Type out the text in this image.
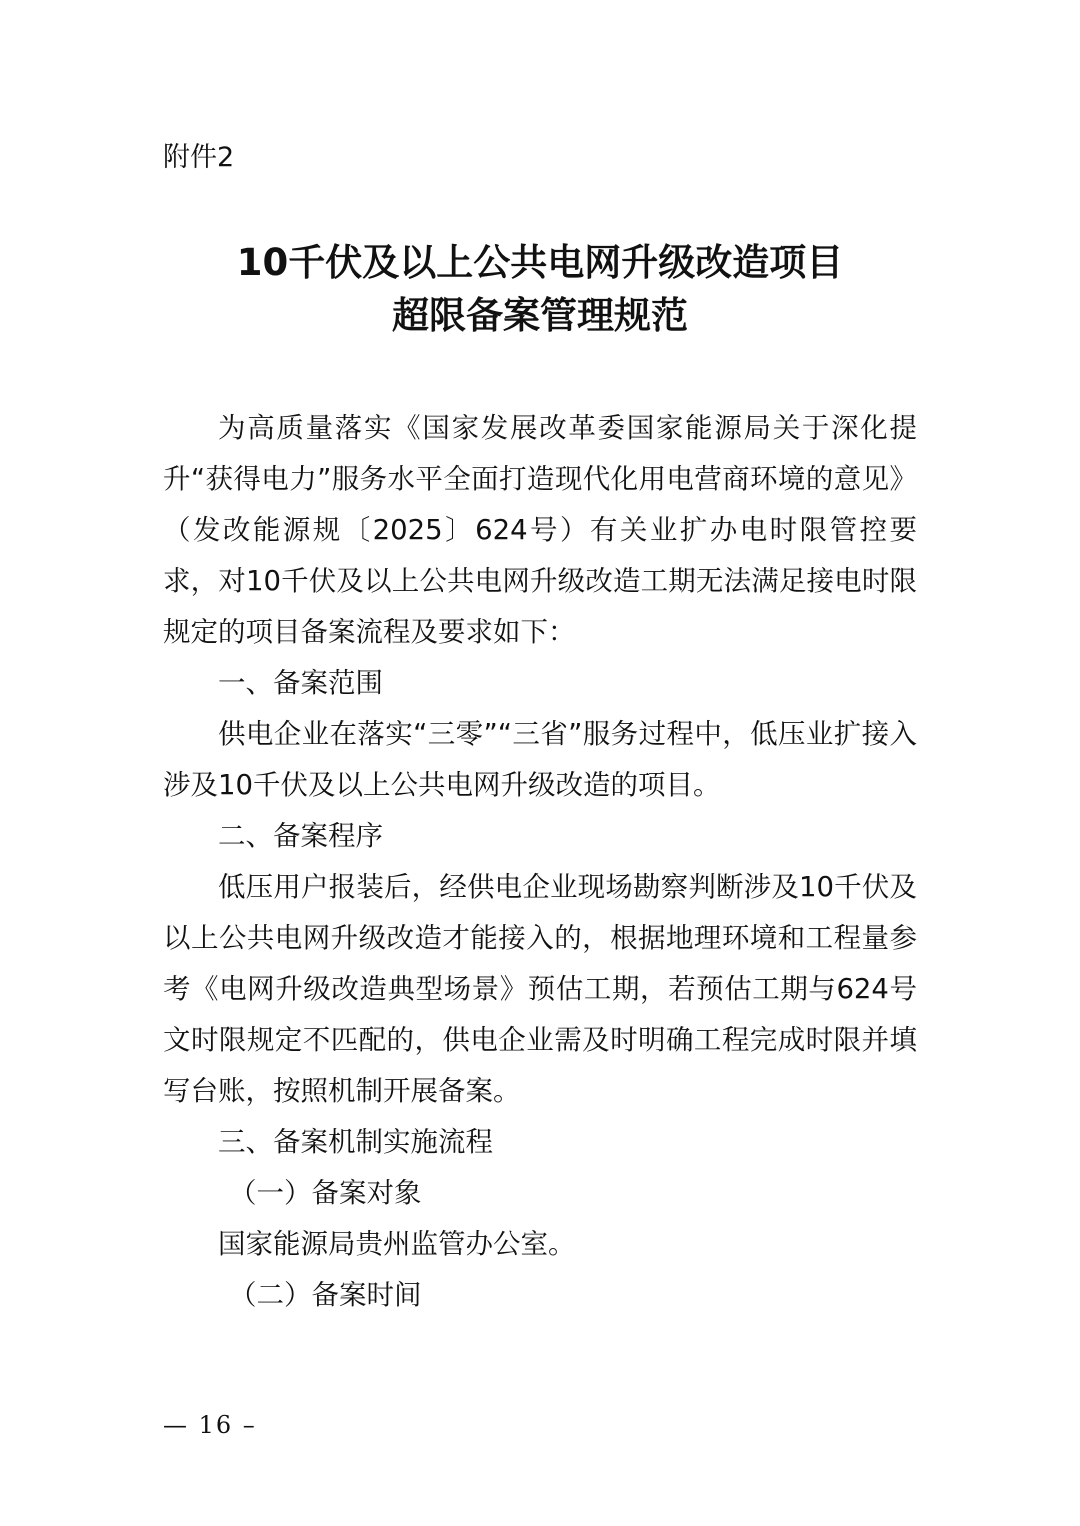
附件2
10千伏及以上公共电网升级改造项目
超限备案管理规范

为高质量落实《国家发展改革委国家能源局关于深化提升“获得电力”服务水平全面打造现代化用电营商环境的意见》（发改能源规〔2025〕624号）有关业扩办电时限管控要求，对10千伏及以上公共电网升级改造工期无法满足接电时限规定的项目备案流程及要求如下：

一、备案范围

供电企业在落实“三零”“三省”服务过程中，低压业扩接入涉及10千伏及以上公共电网升级改造的项目。

二、备案程序

低压用户报装后，经供电企业现场勘察判断涉及10千伏及以上公共电网升级改造才能接入的，根据地理环境和工程量参考《电网升级改造典型场景》预估工期，若预估工期与624号文时限规定不匹配的，供电企业需及时明确工程完成时限并填写台账，按照机制开展备案。

三、备案机制实施流程

（一）备案对象

国家能源局贵州监管办公室。

（二）备案时间

— 16 –
